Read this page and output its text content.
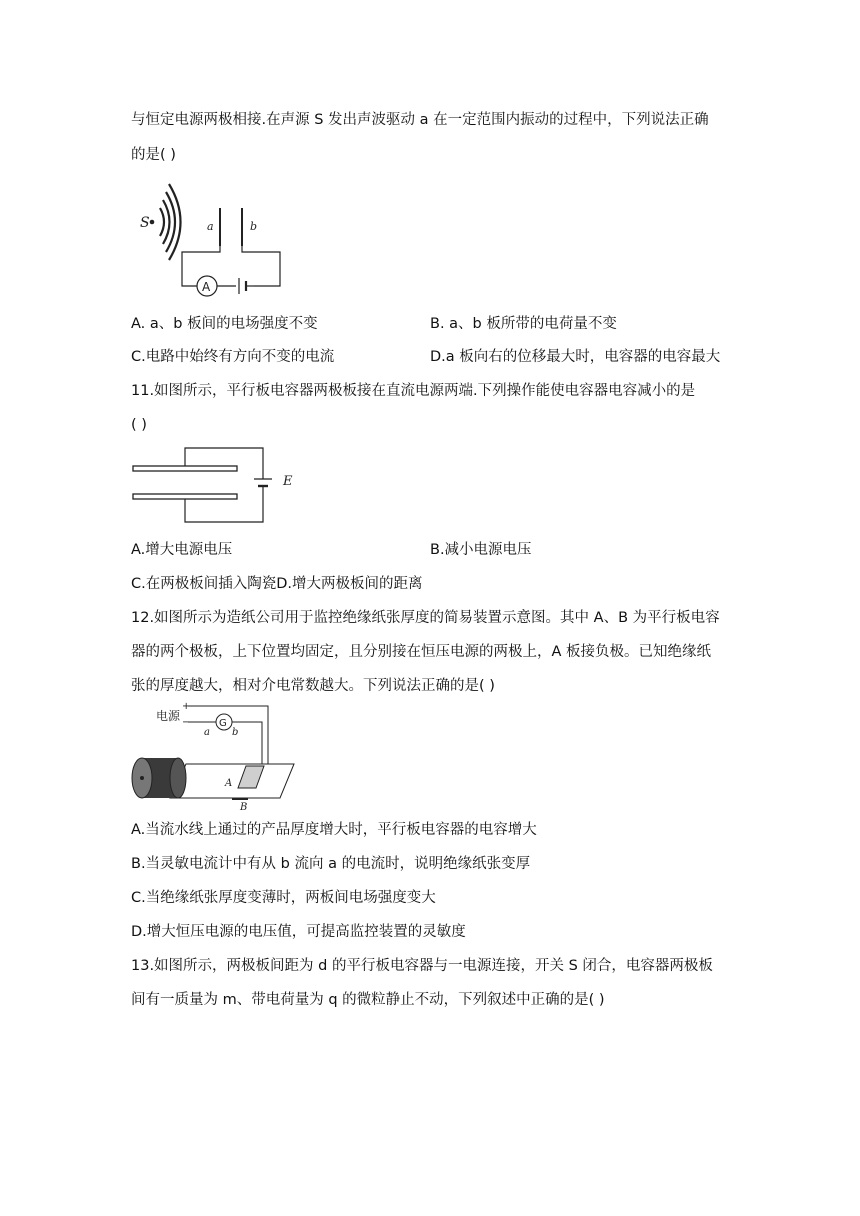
与恒定电源两极相接.在声源 S 发出声波驱动 a 在一定范围内振动的过程中，下列说法正确
的是( )
S	a	b
A
A. a、b 板间的电场强度不变	B. a、b 板所带的电荷量不变
C.电路中始终有方向不变的电流	D.a 板向右的位移最大时，电容器的电容最大
11.如图所示，平行板电容器两极板接在直流电源两端.下列操作能使电容器电容减小的是
( )
E
A.增大电源电压	B.减小电源电压
C.在两极板间插入陶瓷D.增大两极板间的距离
12.如图所示为造纸公司用于监控绝缘纸张厚度的简易装置示意图。其中 A、B 为平行板电容
器的两个极板，上下位置均固定，且分别接在恒压电源的两极上，A 板接负极。已知绝缘纸
张的厚度越大，相对介电常数越大。下列说法正确的是( )
电源
+
−	G
a b
A
B
A.当流水线上通过的产品厚度增大时，平行板电容器的电容增大
B.当灵敏电流计中有从 b 流向 a 的电流时，说明绝缘纸张变厚
C.当绝缘纸张厚度变薄时，两板间电场强度变大
D.增大恒压电源的电压值，可提高监控装置的灵敏度
13.如图所示，两极板间距为 d 的平行板电容器与一电源连接，开关 S 闭合，电容器两极板
间有一质量为 m、带电荷量为 q 的微粒静止不动，下列叙述中正确的是( )
